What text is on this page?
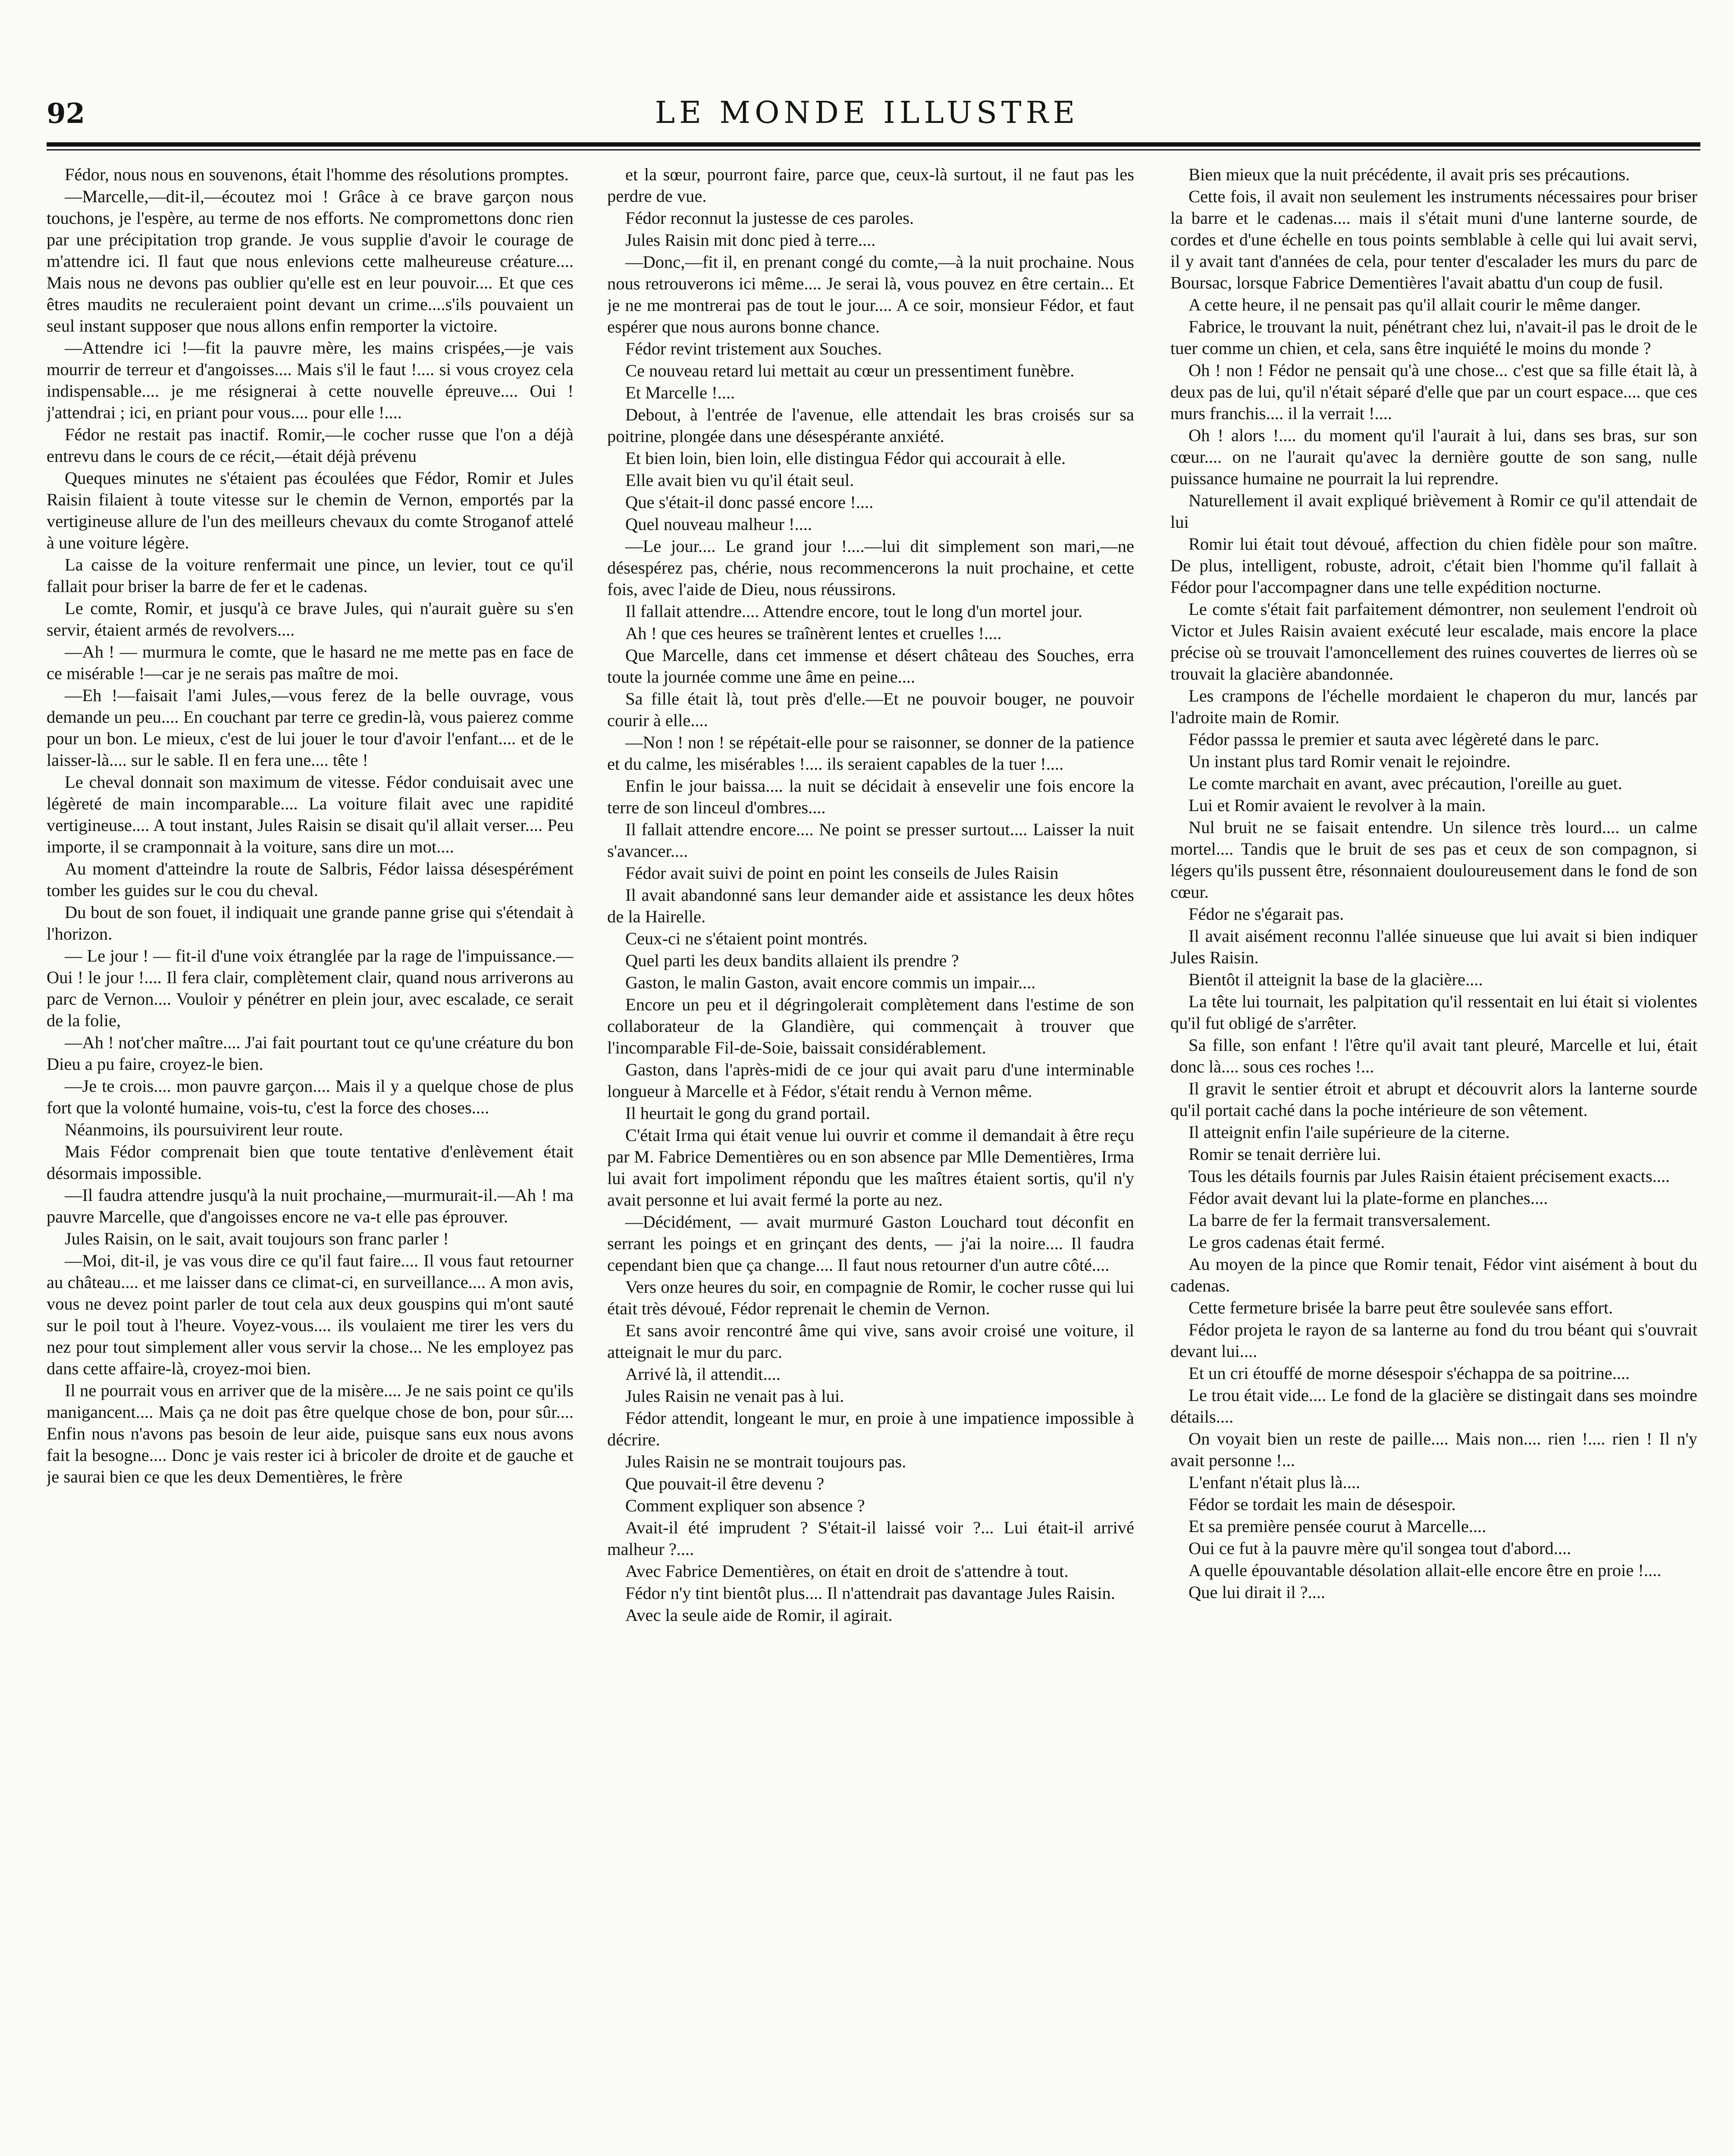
92	LE MONDE ILLUSTRE

Fédor, nous nous en souvenons, était l'homme des résolutions promptes.

—Marcelle,—dit-il,—écoutez moi ! Grâce à ce brave garçon nous touchons, je l'espère, au terme de nos efforts. Ne compromettons donc rien par une précipitation trop grande. Je vous supplie d'avoir le courage de m'attendre ici. Il faut que nous enlevions cette malheureuse créature.... Mais nous ne devons pas oublier qu'elle est en leur pouvoir.... Et que ces êtres maudits ne reculeraient point devant un crime....s'ils pouvaient un seul instant supposer que nous allons enfin remporter la victoire.

—Attendre ici !—fit la pauvre mère, les mains crispées,—je vais mourrir de terreur et d'angoisses.... Mais s'il le faut !.... si vous croyez cela indispensable.... je me résignerai à cette nouvelle épreuve.... Oui ! j'attendrai ; ici, en priant pour vous.... pour elle !....

Fédor ne restait pas inactif. Romir,—le cocher russe que l'on a déjà entrevu dans le cours de ce récit,—était déjà prévenu

Queques minutes ne s'étaient pas écoulées que Fédor, Romir et Jules Raisin filaient à toute vitesse sur le chemin de Vernon, emportés par la vertigineuse allure de l'un des meilleurs chevaux du comte Stroganof attelé à une voiture légère.

La caisse de la voiture renfermait une pince, un levier, tout ce qu'il fallait pour briser la barre de fer et le cadenas.

Le comte, Romir, et jusqu'à ce brave Jules, qui n'aurait guère su s'en servir, étaient armés de revolvers....

—Ah ! — murmura le comte, que le hasard ne me mette pas en face de ce misérable !—car je ne serais pas maître de moi.

—Eh !—faisait l'ami Jules,—vous ferez de la belle ouvrage, vous demande un peu.... En couchant par terre ce gredin-là, vous paierez comme pour un bon. Le mieux, c'est de lui jouer le tour d'avoir l'enfant.... et de le laisser-là.... sur le sable. Il en fera une.... tête !

Le cheval donnait son maximum de vitesse. Fédor conduisait avec une légèreté de main incomparable.... La voiture filait avec une rapidité vertigineuse.... A tout instant, Jules Raisin se disait qu'il allait verser.... Peu importe, il se cramponnait à la voiture, sans dire un mot....

Au moment d'atteindre la route de Salbris, Fédor laissa désespérément tomber les guides sur le cou du cheval.

Du bout de son fouet, il indiquait une grande panne grise qui s'étendait à l'horizon.

— Le jour ! — fit-il d'une voix étranglée par la rage de l'impuissance.—Oui ! le jour !.... Il fera clair, complètement clair, quand nous arriverons au parc de Vernon.... Vouloir y pénétrer en plein jour, avec escalade, ce serait de la folie,

—Ah ! not'cher maître.... J'ai fait pourtant tout ce qu'une créature du bon Dieu a pu faire, croyez-le bien.

—Je te crois.... mon pauvre garçon.... Mais il y a quelque chose de plus fort que la volonté humaine, vois-tu, c'est la force des choses....

Néanmoins, ils poursuivirent leur route.

Mais Fédor comprenait bien que toute tentative d'enlèvement était désormais impossible.

—Il faudra attendre jusqu'à la nuit prochaine,—murmurait-il.—Ah ! ma pauvre Marcelle, que d'angoisses encore ne va-t elle pas éprouver.

Jules Raisin, on le sait, avait toujours son franc parler !

—Moi, dit-il, je vas vous dire ce qu'il faut faire.... Il vous faut retourner au château.... et me laisser dans ce climat-ci, en surveillance.... A mon avis, vous ne devez point parler de tout cela aux deux gouspins qui m'ont sauté sur le poil tout à l'heure. Voyez-vous.... ils voulaient me tirer les vers du nez pour tout simplement aller vous servir la chose... Ne les employez pas dans cette affaire-là, croyez-moi bien.

Il ne pourrait vous en arriver que de la misère.... Je ne sais point ce qu'ils manigancent.... Mais ça ne doit pas être quelque chose de bon, pour sûr.... Enfin nous n'avons pas besoin de leur aide, puisque sans eux nous avons fait la besogne.... Donc je vais rester ici à bricoler de droite et de gauche et je saurai bien ce que les deux Dementières, le frère

et la sœur, pourront faire, parce que, ceux-là surtout, il ne faut pas les perdre de vue.

Fédor reconnut la justesse de ces paroles.

Jules Raisin mit donc pied à terre....

—Donc,—fit il, en prenant congé du comte,—à la nuit prochaine. Nous nous retrouverons ici même.... Je serai là, vous pouvez en être certain... Et je ne me montrerai pas de tout le jour.... A ce soir, monsieur Fédor, et faut espérer que nous aurons bonne chance.

Fédor revint tristement aux Souches.

Ce nouveau retard lui mettait au cœur un pressentiment funèbre.

Et Marcelle !....

Debout, à l'entrée de l'avenue, elle attendait les bras croisés sur sa poitrine, plongée dans une désespérante anxiété.

Et bien loin, bien loin, elle distingua Fédor qui accourait à elle.

Elle avait bien vu qu'il était seul.

Que s'était-il donc passé encore !....

Quel nouveau malheur !....

—Le jour.... Le grand jour !....—lui dit simplement son mari,—ne désespérez pas, chérie, nous recommencerons la nuit prochaine, et cette fois, avec l'aide de Dieu, nous réussirons.

Il fallait attendre.... Attendre encore, tout le long d'un mortel jour.

Ah ! que ces heures se traînèrent lentes et cruelles !....

Que Marcelle, dans cet immense et désert château des Souches, erra toute la journée comme une âme en peine....

Sa fille était là, tout près d'elle.—Et ne pouvoir bouger, ne pouvoir courir à elle....

—Non ! non ! se répétait-elle pour se raisonner, se donner de la patience et du calme, les misérables !.... ils seraient capables de la tuer !....

Enfin le jour baissa.... la nuit se décidait à ensevelir une fois encore la terre de son linceul d'ombres....

Il fallait attendre encore.... Ne point se presser surtout.... Laisser la nuit s'avancer....

Fédor avait suivi de point en point les conseils de Jules Raisin

Il avait abandonné sans leur demander aide et assistance les deux hôtes de la Hairelle.

Ceux-ci ne s'étaient point montrés.

Quel parti les deux bandits allaient ils prendre ?

Gaston, le malin Gaston, avait encore commis un impair....

Encore un peu et il dégringolerait complètement dans l'estime de son collaborateur de la Glandière, qui commençait à trouver que l'incomparable Fil-de-Soie, baissait considérablement.

Gaston, dans l'après-midi de ce jour qui avait paru d'une interminable longueur à Marcelle et à Fédor, s'était rendu à Vernon même.

Il heurtait le gong du grand portail.

C'était Irma qui était venue lui ouvrir et comme il demandait à être reçu par M. Fabrice Dementières ou en son absence par Mlle Dementières, Irma lui avait fort impoliment répondu que les maîtres étaient sortis, qu'il n'y avait personne et lui avait fermé la porte au nez.

—Décidément, — avait murmuré Gaston Louchard tout déconfit en serrant les poings et en grinçant des dents, — j'ai la noire.... Il faudra cependant bien que ça change.... Il faut nous retourner d'un autre côté....

Vers onze heures du soir, en compagnie de Romir, le cocher russe qui lui était très dévoué, Fédor reprenait le chemin de Vernon.

Et sans avoir rencontré âme qui vive, sans avoir croisé une voiture, il atteignait le mur du parc.

Arrivé là, il attendit....

Jules Raisin ne venait pas à lui.

Fédor attendit, longeant le mur, en proie à une impatience impossible à décrire.

Jules Raisin ne se montrait toujours pas.

Que pouvait-il être devenu ?

Comment expliquer son absence ?

Avait-il été imprudent ? S'était-il laissé voir ?... Lui était-il arrivé malheur ?....

Avec Fabrice Dementières, on était en droit de s'attendre à tout.

Fédor n'y tint bientôt plus.... Il n'attendrait pas davantage Jules Raisin.

Avec la seule aide de Romir, il agirait.

Bien mieux que la nuit précédente, il avait pris ses précautions.

Cette fois, il avait non seulement les instruments nécessaires pour briser la barre et le cadenas.... mais il s'était muni d'une lanterne sourde, de cordes et d'une échelle en tous points semblable à celle qui lui avait servi, il y avait tant d'années de cela, pour tenter d'escalader les murs du parc de Boursac, lorsque Fabrice Dementières l'avait abattu d'un coup de fusil.

A cette heure, il ne pensait pas qu'il allait courir le même danger.

Fabrice, le trouvant la nuit, pénétrant chez lui, n'avait-il pas le droit de le tuer comme un chien, et cela, sans être inquiété le moins du monde ?

Oh ! non ! Fédor ne pensait qu'à une chose... c'est que sa fille était là, à deux pas de lui, qu'il n'était séparé d'elle que par un court espace.... que ces murs franchis.... il la verrait !....

Oh ! alors !.... du moment qu'il l'aurait à lui, dans ses bras, sur son cœur.... on ne l'aurait qu'avec la dernière goutte de son sang, nulle puissance humaine ne pourrait la lui reprendre.

Naturellement il avait expliqué brièvement à Romir ce qu'il attendait de lui

Romir lui était tout dévoué, affection du chien fidèle pour son maître. De plus, intelligent, robuste, adroit, c'était bien l'homme qu'il fallait à Fédor pour l'accompagner dans une telle expédition nocturne.

Le comte s'était fait parfaitement démontrer, non seulement l'endroit où Victor et Jules Raisin avaient exécuté leur escalade, mais encore la place précise où se trouvait l'amoncellement des ruines couvertes de lierres où se trouvait la glacière abandonnée.

Les crampons de l'échelle mordaient le chaperon du mur, lancés par l'adroite main de Romir.

Fédor passsa le premier et sauta avec légèreté dans le parc.

Un instant plus tard Romir venait le rejoindre.

Le comte marchait en avant, avec précaution, l'oreille au guet.

Lui et Romir avaient le revolver à la main.

Nul bruit ne se faisait entendre. Un silence très lourd.... un calme mortel.... Tandis que le bruit de ses pas et ceux de son compagnon, si légers qu'ils pussent être, résonnaient douloureusement dans le fond de son cœur.

Fédor ne s'égarait pas.

Il avait aisément reconnu l'allée sinueuse que lui avait si bien indiquer Jules Raisin.

Bientôt il atteignit la base de la glacière....

La tête lui tournait, les palpitation qu'il ressentait en lui était si violentes qu'il fut obligé de s'arrêter.

Sa fille, son enfant ! l'être qu'il avait tant pleuré, Marcelle et lui, était donc là.... sous ces roches !...

Il gravit le sentier étroit et abrupt et découvrit alors la lanterne sourde qu'il portait caché dans la poche intérieure de son vêtement.

Il atteignit enfin l'aile supérieure de la citerne.

Romir se tenait derrière lui.

Tous les détails fournis par Jules Raisin étaient précisement exacts....

Fédor avait devant lui la plate-forme en planches....

La barre de fer la fermait transversalement.

Le gros cadenas était fermé.

Au moyen de la pince que Romir tenait, Fédor vint aisément à bout du cadenas.

Cette fermeture brisée la barre peut être soulevée sans effort.

Fédor projeta le rayon de sa lanterne au fond du trou béant qui s'ouvrait devant lui....

Et un cri étouffé de morne désespoir s'échappa de sa poitrine....

Le trou était vide.... Le fond de la glacière se distingait dans ses moindre détails....

On voyait bien un reste de paille.... Mais non.... rien !.... rien ! Il n'y avait personne !...

L'enfant n'était plus là....

Fédor se tordait les main de désespoir.

Et sa première pensée courut à Marcelle....

Oui ce fut à la pauvre mère qu'il songea tout d'abord....

A quelle épouvantable désolation allait-elle encore être en proie !....

Que lui dirait il ?....
